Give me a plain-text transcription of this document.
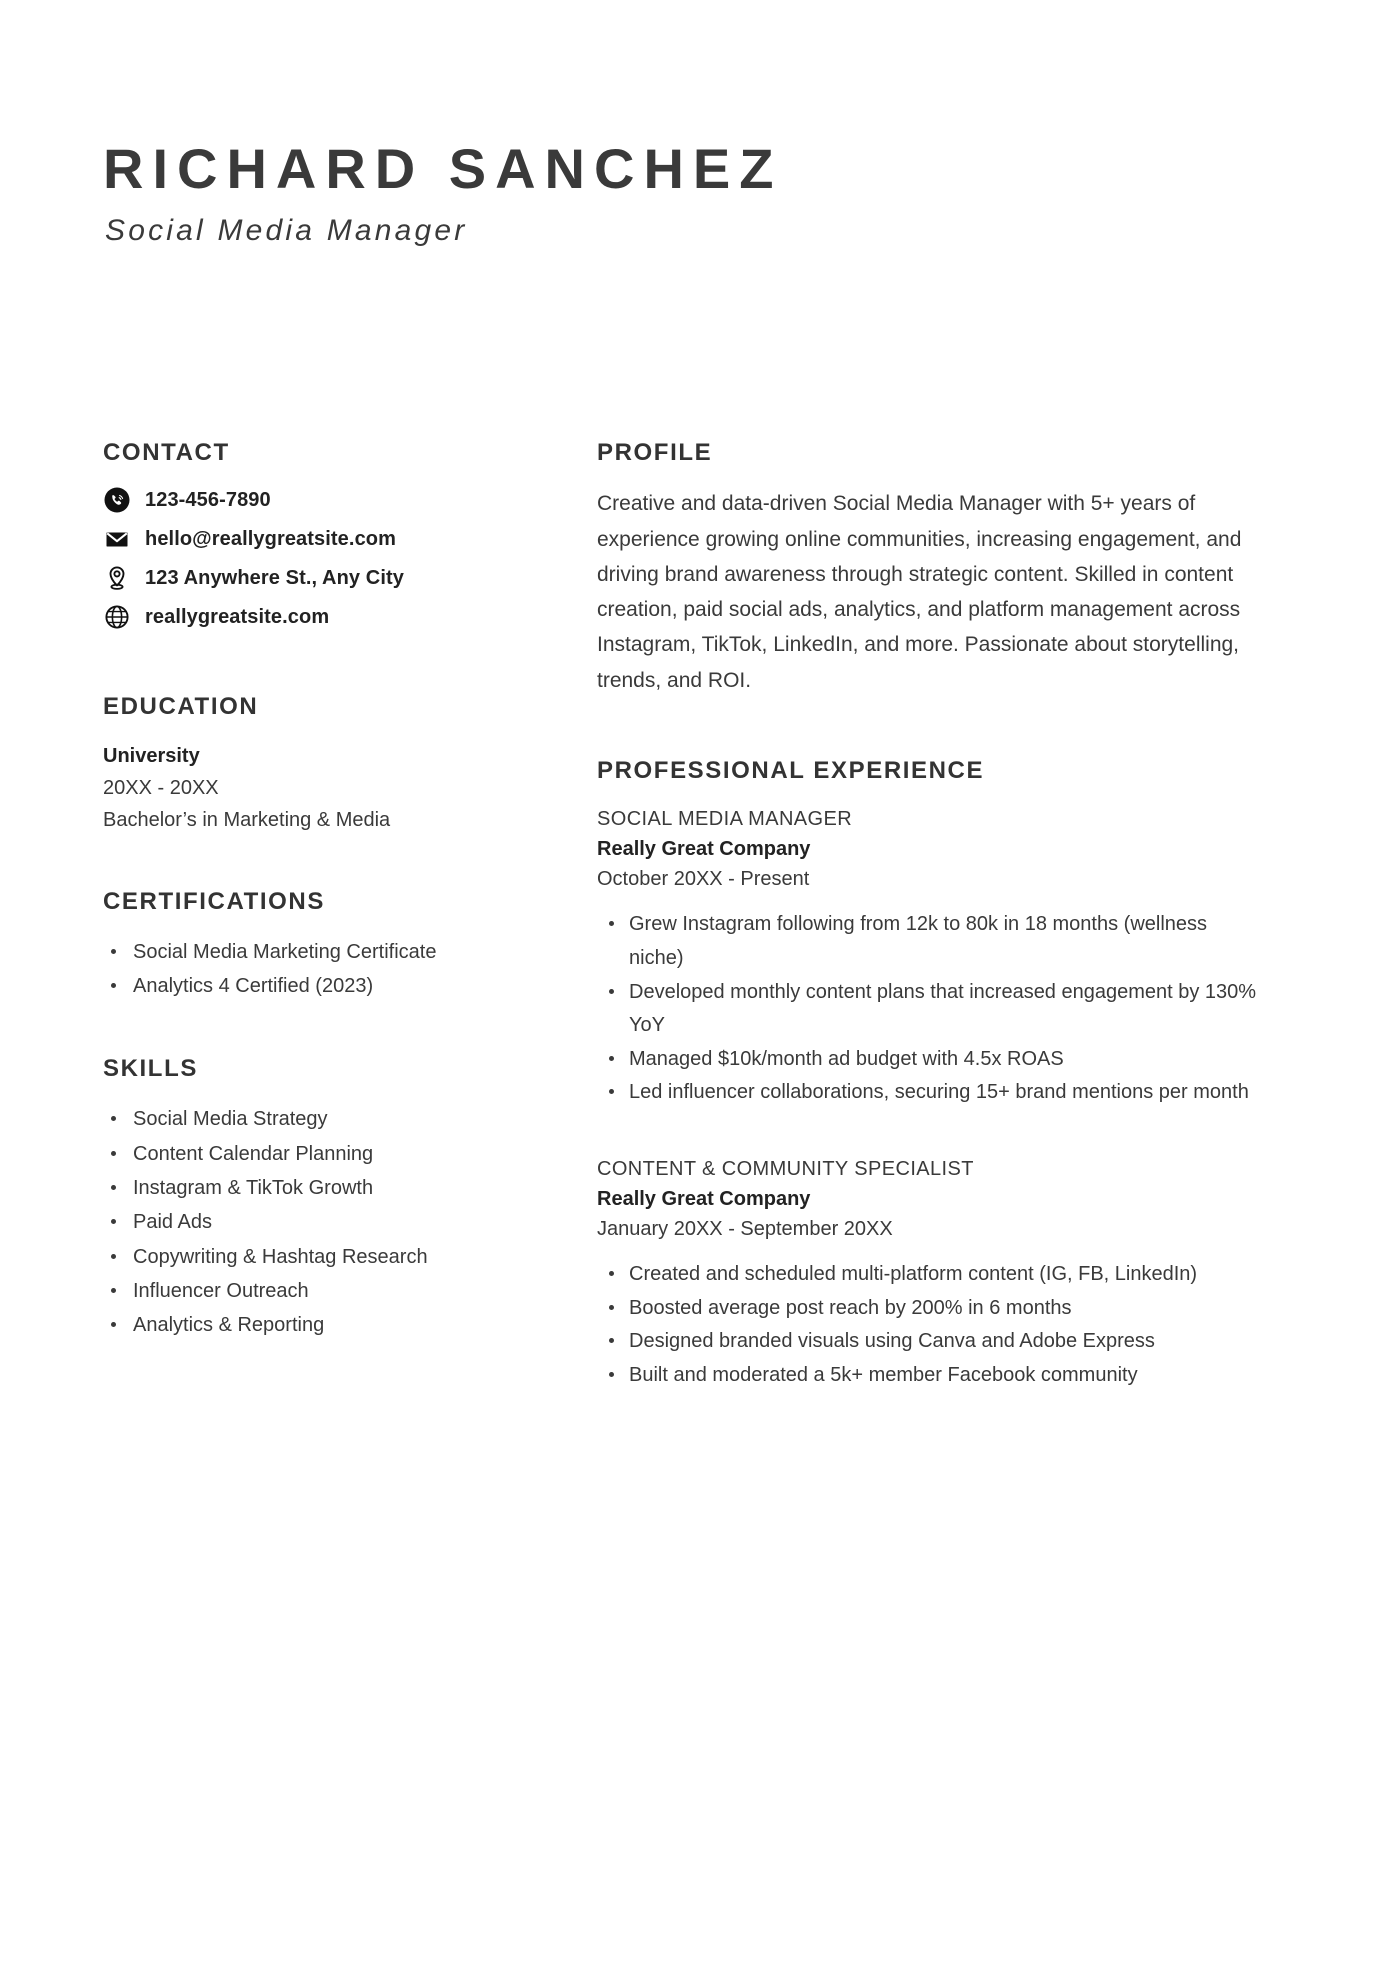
RICHARD SANCHEZ
Social Media Manager
CONTACT
123-456-7890
hello@reallygreatsite.com
123 Anywhere St., Any City
reallygreatsite.com
EDUCATION

University

20XX - 20XX

Bachelor’s in Marketing & Media

CERTIFICATIONS
Social Media Marketing Certificate
Analytics 4 Certified (2023)
SKILLS
Social Media Strategy
Content Calendar Planning
Instagram & TikTok Growth
Paid Ads
Copywriting & Hashtag Research
Influencer Outreach
Analytics & Reporting
PROFILE

Creative and data-driven Social Media Manager with 5+ years of experience growing online communities, increasing engagement, and driving brand awareness through strategic content. Skilled in content creation, paid social ads, analytics, and platform management across Instagram, TikTok, LinkedIn, and more. Passionate about storytelling, trends, and ROI.

PROFESSIONAL EXPERIENCE

SOCIAL MEDIA MANAGER

Really Great Company

October 20XX - Present

Grew Instagram following from 12k to 80k in 18 months (wellness niche)
Developed monthly content plans that increased engagement by 130% YoY
Managed $10k/month ad budget with 4.5x ROAS
Led influencer collaborations, securing 15+ brand mentions per month

CONTENT & COMMUNITY SPECIALIST

Really Great Company

January 20XX - September 20XX

Created and scheduled multi-platform content (IG, FB, LinkedIn)
Boosted average post reach by 200% in 6 months
Designed branded visuals using Canva and Adobe Express
Built and moderated a 5k+ member Facebook community
